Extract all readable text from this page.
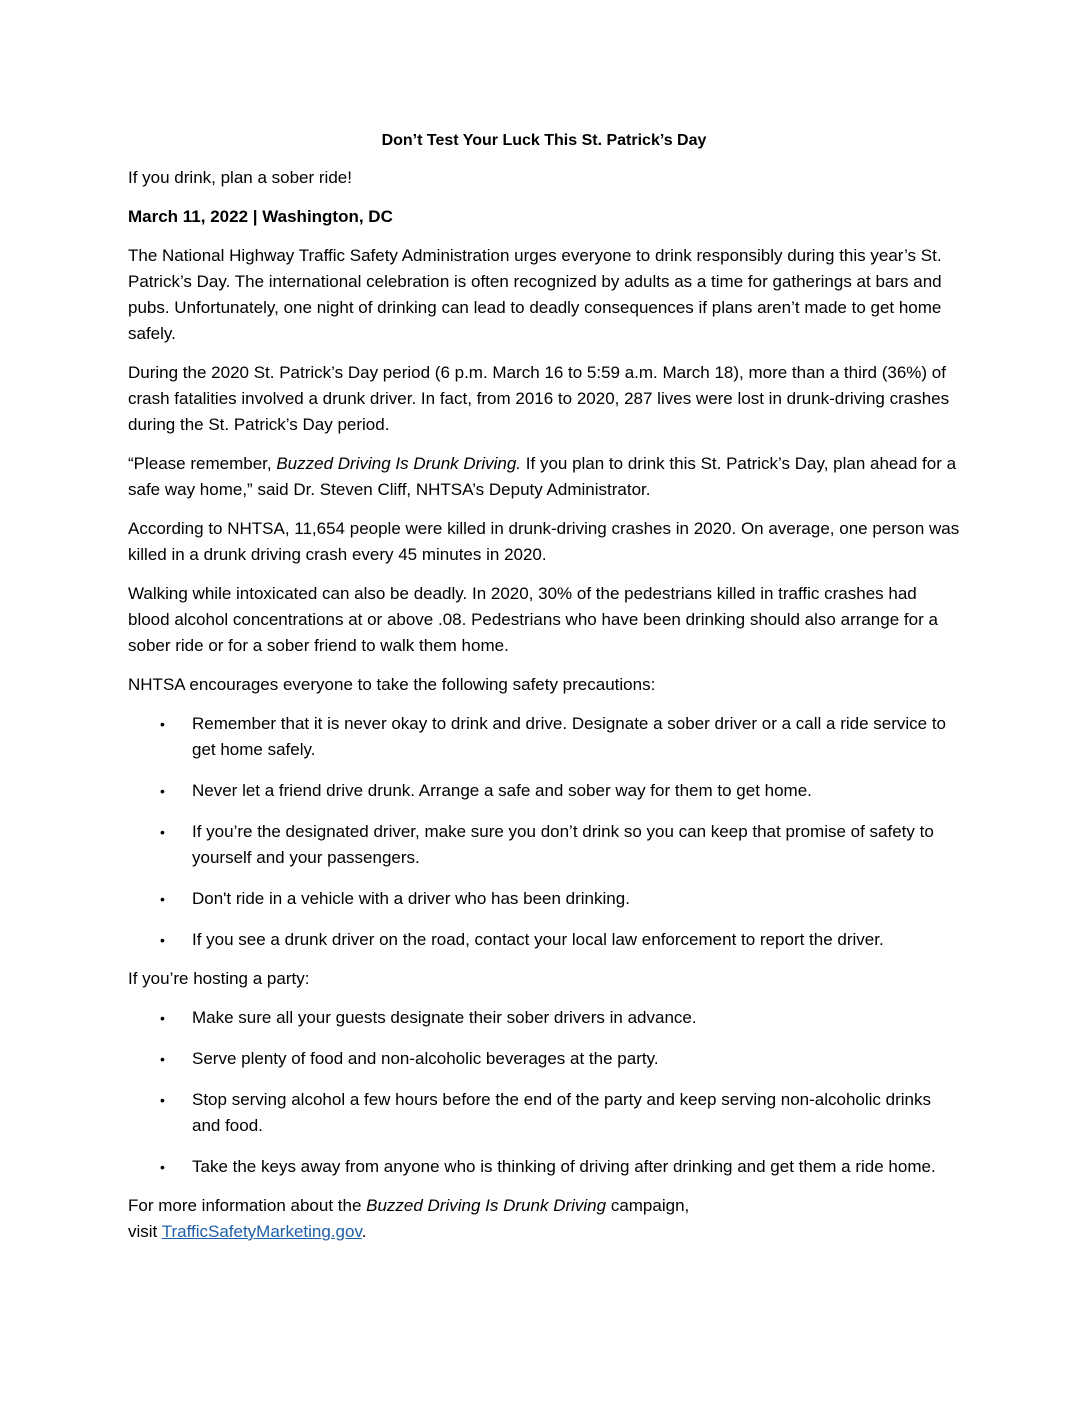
Don’t Test Your Luck This St. Patrick’s Day

If you drink, plan a sober ride!

March 11, 2022 | Washington, DC

The National Highway Traffic Safety Administration urges everyone to drink responsibly during this year’s St. Patrick’s Day. The international celebration is often recognized by adults as a time for gatherings at bars and pubs. Unfortunately, one night of drinking can lead to deadly consequences if plans aren’t made to get home safely.

During the 2020 St. Patrick’s Day period (6 p.m. March 16 to 5:59 a.m. March 18), more than a third (36%) of crash fatalities involved a drunk driver. In fact, from 2016 to 2020, 287 lives were lost in drunk-driving crashes during the St. Patrick’s Day period.

“Please remember, Buzzed Driving Is Drunk Driving. If you plan to drink this St. Patrick’s Day, plan ahead for a safe way home,” said Dr. Steven Cliff, NHTSA’s Deputy Administrator.

According to NHTSA, 11,654 people were killed in drunk-driving crashes in 2020. On average, one person was killed in a drunk driving crash every 45 minutes in 2020.

Walking while intoxicated can also be deadly. In 2020, 30% of the pedestrians killed in traffic crashes had blood alcohol concentrations at or above .08. Pedestrians who have been drinking should also arrange for a sober ride or for a sober friend to walk them home.

NHTSA encourages everyone to take the following safety precautions:

• Remember that it is never okay to drink and drive. Designate a sober driver or a call a ride service to get home safely.
• Never let a friend drive drunk. Arrange a safe and sober way for them to get home.
• If you’re the designated driver, make sure you don’t drink so you can keep that promise of safety to yourself and your passengers.
• Don't ride in a vehicle with a driver who has been drinking.
• If you see a drunk driver on the road, contact your local law enforcement to report the driver.

If you’re hosting a party:

• Make sure all your guests designate their sober drivers in advance.
• Serve plenty of food and non-alcoholic beverages at the party.
• Stop serving alcohol a few hours before the end of the party and keep serving non-alcoholic drinks and food.
• Take the keys away from anyone who is thinking of driving after drinking and get them a ride home.

For more information about the Buzzed Driving Is Drunk Driving campaign,
visit TrafficSafetyMarketing.gov.
